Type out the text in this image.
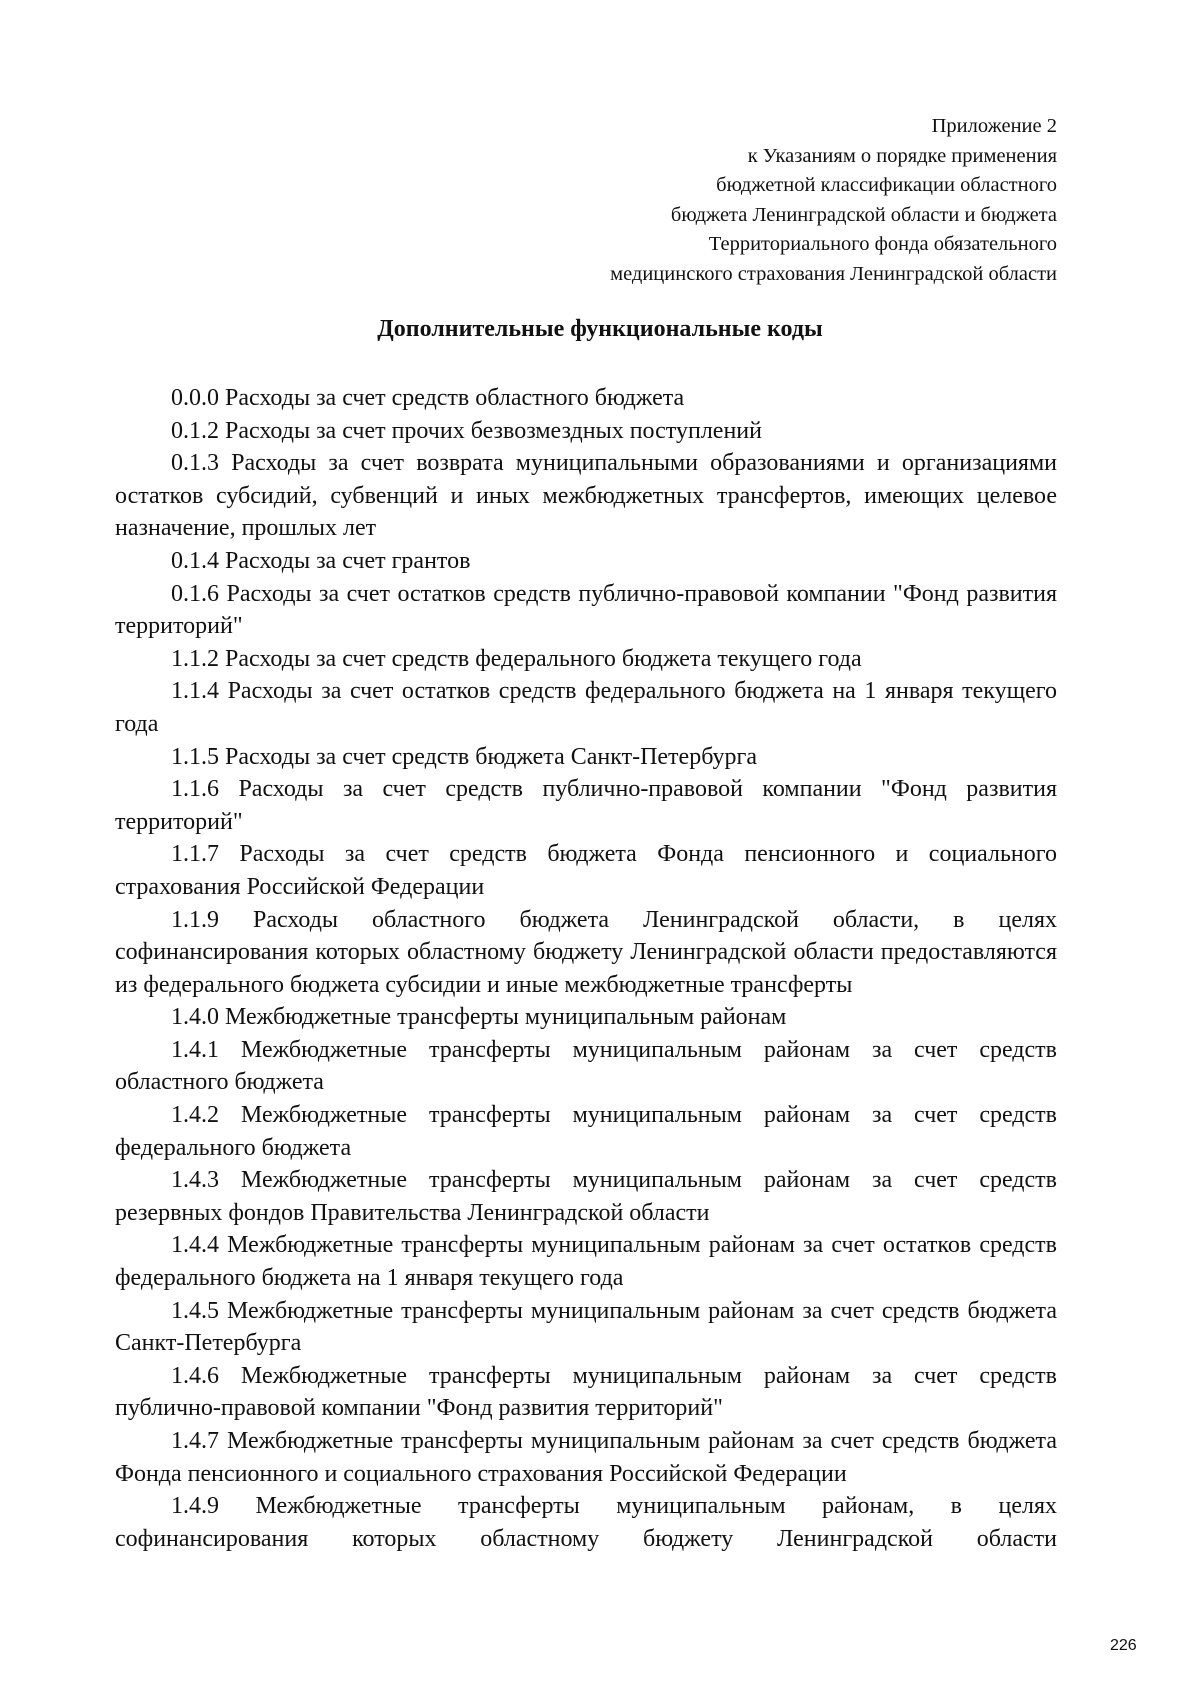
Приложение 2
к Указаниям о порядке применения
бюджетной классификации областного
бюджета Ленинградской области и бюджета
Территориального фонда обязательного
медицинского страхования Ленинградской области
Дополнительные функциональные коды

0.0.0 Расходы за счет средств областного бюджета

0.1.2 Расходы за счет прочих безвозмездных поступлений

0.1.3 Расходы за счет возврата муниципальными образованиями и организациями остатков субсидий, субвенций и иных межбюджетных трансфертов, имеющих целевое назначение, прошлых лет

0.1.4 Расходы за счет грантов

0.1.6 Расходы за счет остатков средств публично-правовой компании "Фонд развития территорий"

1.1.2 Расходы за счет средств федерального бюджета текущего года

1.1.4 Расходы за счет остатков средств федерального бюджета на 1 января текущего года

1.1.5 Расходы за счет средств бюджета Санкт-Петербурга

1.1.6 Расходы за счет средств публично-правовой компании "Фонд развития территорий"

1.1.7 Расходы за счет средств бюджета Фонда пенсионного и социального страхования Российской Федерации

1.1.9 Расходы областного бюджета Ленинградской области, в целях софинансирования которых областному бюджету Ленинградской области предоставляются из федерального бюджета субсидии и иные межбюджетные трансферты

1.4.0 Межбюджетные трансферты муниципальным районам

1.4.1 Межбюджетные трансферты муниципальным районам за счет средств областного бюджета

1.4.2 Межбюджетные трансферты муниципальным районам за счет средств федерального бюджета

1.4.3 Межбюджетные трансферты муниципальным районам за счет средств резервных фондов Правительства Ленинградской области

1.4.4 Межбюджетные трансферты муниципальным районам за счет остатков средств федерального бюджета на 1 января текущего года

1.4.5 Межбюджетные трансферты муниципальным районам за счет средств бюджета Санкт-Петербурга

1.4.6 Межбюджетные трансферты муниципальным районам за счет средств публично-правовой компании "Фонд развития территорий"

1.4.7 Межбюджетные трансферты муниципальным районам за счет средств бюджета Фонда пенсионного и социального страхования Российской Федерации

1.4.9 Межбюджетные трансферты муниципальным районам, в целях софинансирования которых областному бюджету Ленинградской области

226
